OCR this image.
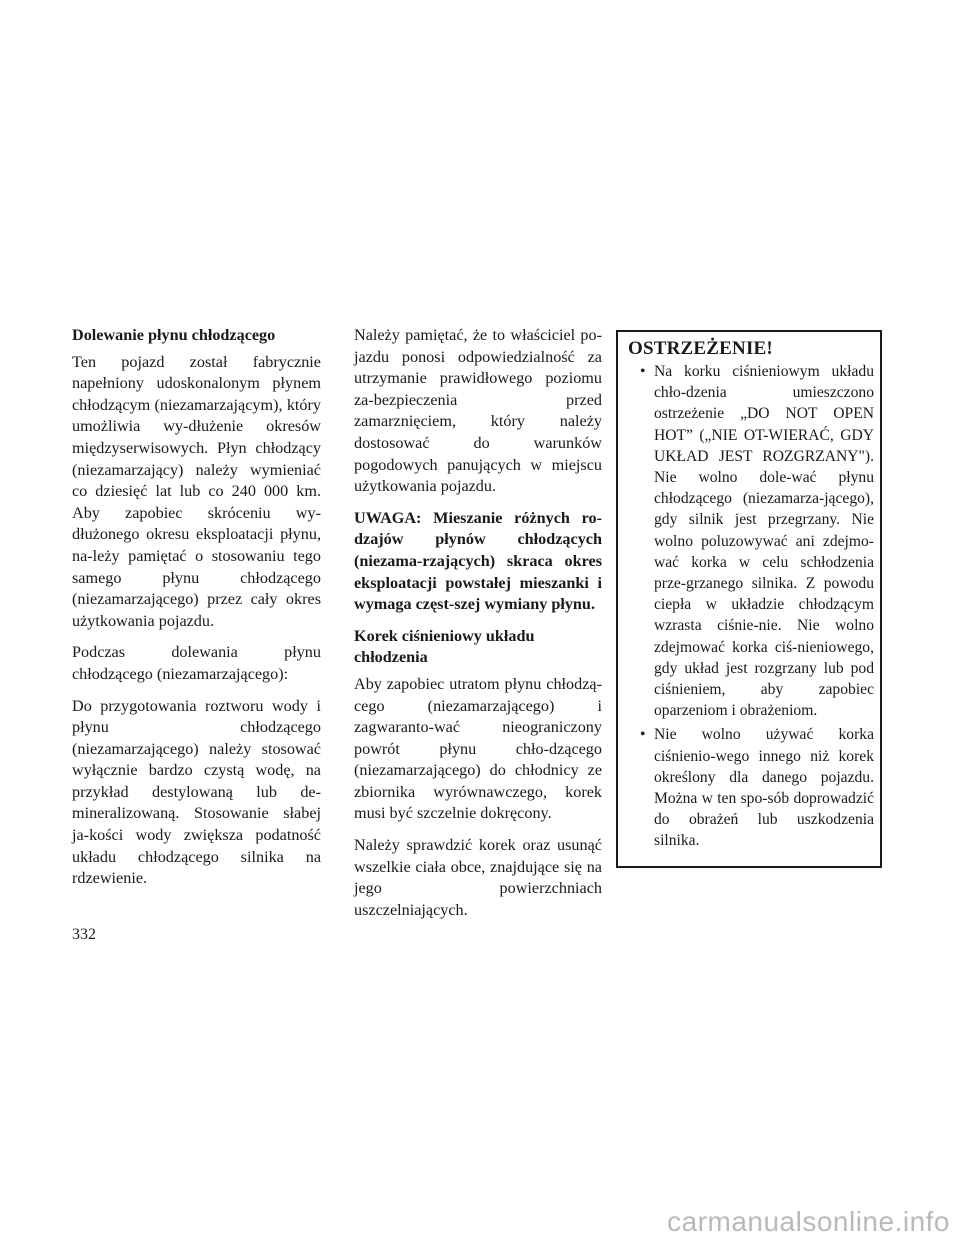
Dolewanie płynu chłodzącego

Ten pojazd został fabrycznie napełniony udoskonalonym płynem chłodzącym (niezamarzającym), który umożliwia wy-dłużenie okresów międzyserwisowych. Płyn chłodzący (niezamarzający) należy wymieniać co dziesięć lat lub co 240 000 km. Aby zapobiec skróceniu wy-dłużonego okresu eksploatacji płynu, na-leży pamiętać o stosowaniu tego samego płynu chłodzącego (niezamarzającego) przez cały okres użytkowania pojazdu.

Podczas dolewania płynu chłodzącego (niezamarzającego):

Do przygotowania roztworu wody i płynu chłodzącego (niezamarzającego) należy stosować wyłącznie bardzo czystą wodę, na przykład destylowaną lub de-mineralizowaną. Stosowanie słabej ja-kości wody zwiększa podatność układu chłodzącego silnika na rdzewienie.

Należy pamiętać, że to właściciel po-jazdu ponosi odpowiedzialność za utrzymanie prawidłowego poziomu za-bezpieczenia przed zamarznięciem, który należy dostosować do warunków pogodowych panujących w miejscu użytkowania pojazdu.

UWAGA: Mieszanie różnych ro-dzajów płynów chłodzących (niezama-rzających) skraca okres eksploatacji powstałej mieszanki i wymaga częst-szej wymiany płynu.

Korek ciśnieniowy układu chłodzenia

Aby zapobiec utratom płynu chłodzą-cego (niezamarzającego) i zagwaranto-wać nieograniczony powrót płynu chło-dzącego (niezamarzającego) do chłodnicy ze zbiornika wyrównawczego, korek musi być szczelnie dokręcony.

Należy sprawdzić korek oraz usunąć wszelkie ciała obce, znajdujące się na jego powierzchniach uszczelniających.

OSTRZEŻENIE!
• Na korku ciśnieniowym układu chło-dzenia umieszczono ostrzeżenie „DO NOT OPEN HOT” („NIE OT-WIERAĆ, GDY UKŁAD JEST ROZGRZANY"). Nie wolno dole-wać płynu chłodzącego (niezamarza-jącego), gdy silnik jest przegrzany. Nie wolno poluzowywać ani zdejmo-wać korka w celu schłodzenia prze-grzanego silnika. Z powodu ciepła w układzie chłodzącym wzrasta ciśnie-nie. Nie wolno zdejmować korka ciś-nieniowego, gdy układ jest rozgrzany lub pod ciśnieniem, aby zapobiec oparzeniom i obrażeniom.
• Nie wolno używać korka ciśnienio-wego innego niż korek określony dla danego pojazdu. Można w ten spo-sób doprowadzić do obrażeń lub uszkodzenia silnika.
332
carmanualsonline.info
